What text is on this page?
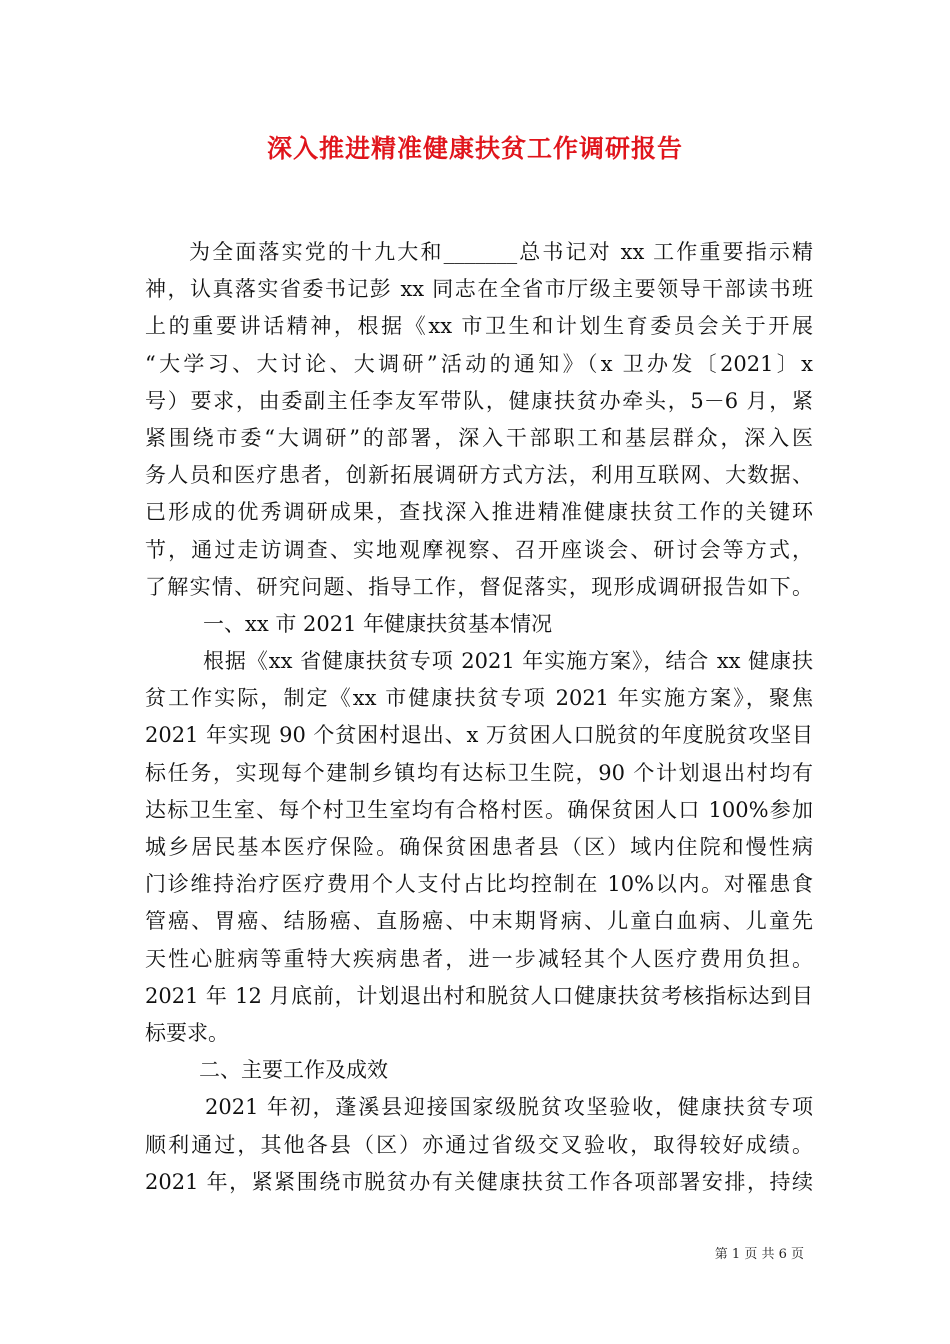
深入推进精准健康扶贫工作调研报告
为全面落实党的十九大和_______总书记对 xx 工作重要指示精
神，认真落实省委书记彭 xx 同志在全省市厅级主要领导干部读书班
上的重要讲话精神，根据《xx 市卫生和计划生育委员会关于开展
“大学习、大讨论、大调研”活动的通知》（x 卫办发〔2021〕x
号）要求，由委副主任李友军带队，健康扶贫办牵头，5－6 月，紧
紧围绕市委“大调研”的部署，深入干部职工和基层群众，深入医
务人员和医疗患者，创新拓展调研方式方法，利用互联网、大数据、
已形成的优秀调研成果，查找深入推进精准健康扶贫工作的关键环
节，通过走访调查、实地观摩视察、召开座谈会、研讨会等方式，
了解实情、研究问题、指导工作，督促落实，现形成调研报告如下。
一、xx 市 2021 年健康扶贫基本情况
根据《xx 省健康扶贫专项 2021 年实施方案》，结合 xx 健康扶
贫工作实际，制定《xx 市健康扶贫专项 2021 年实施方案》，聚焦
2021 年实现 90 个贫困村退出、x 万贫困人口脱贫的年度脱贫攻坚目
标任务，实现每个建制乡镇均有达标卫生院，90 个计划退出村均有
达标卫生室、每个村卫生室均有合格村医。确保贫困人口 100%参加
城乡居民基本医疗保险。确保贫困患者县（区）域内住院和慢性病
门诊维持治疗医疗费用个人支付占比均控制在 10%以内。对罹患食
管癌、胃癌、结肠癌、直肠癌、中末期肾病、儿童白血病、儿童先
天性心脏病等重特大疾病患者，进一步减轻其个人医疗费用负担。
2021 年 12 月底前，计划退出村和脱贫人口健康扶贫考核指标达到目
标要求。
二、主要工作及成效
2021 年初，蓬溪县迎接国家级脱贫攻坚验收，健康扶贫专项
顺利通过，其他各县（区）亦通过省级交叉验收，取得较好成绩。
2021 年，紧紧围绕市脱贫办有关健康扶贫工作各项部署安排，持续
第 1 页 共 6 页
